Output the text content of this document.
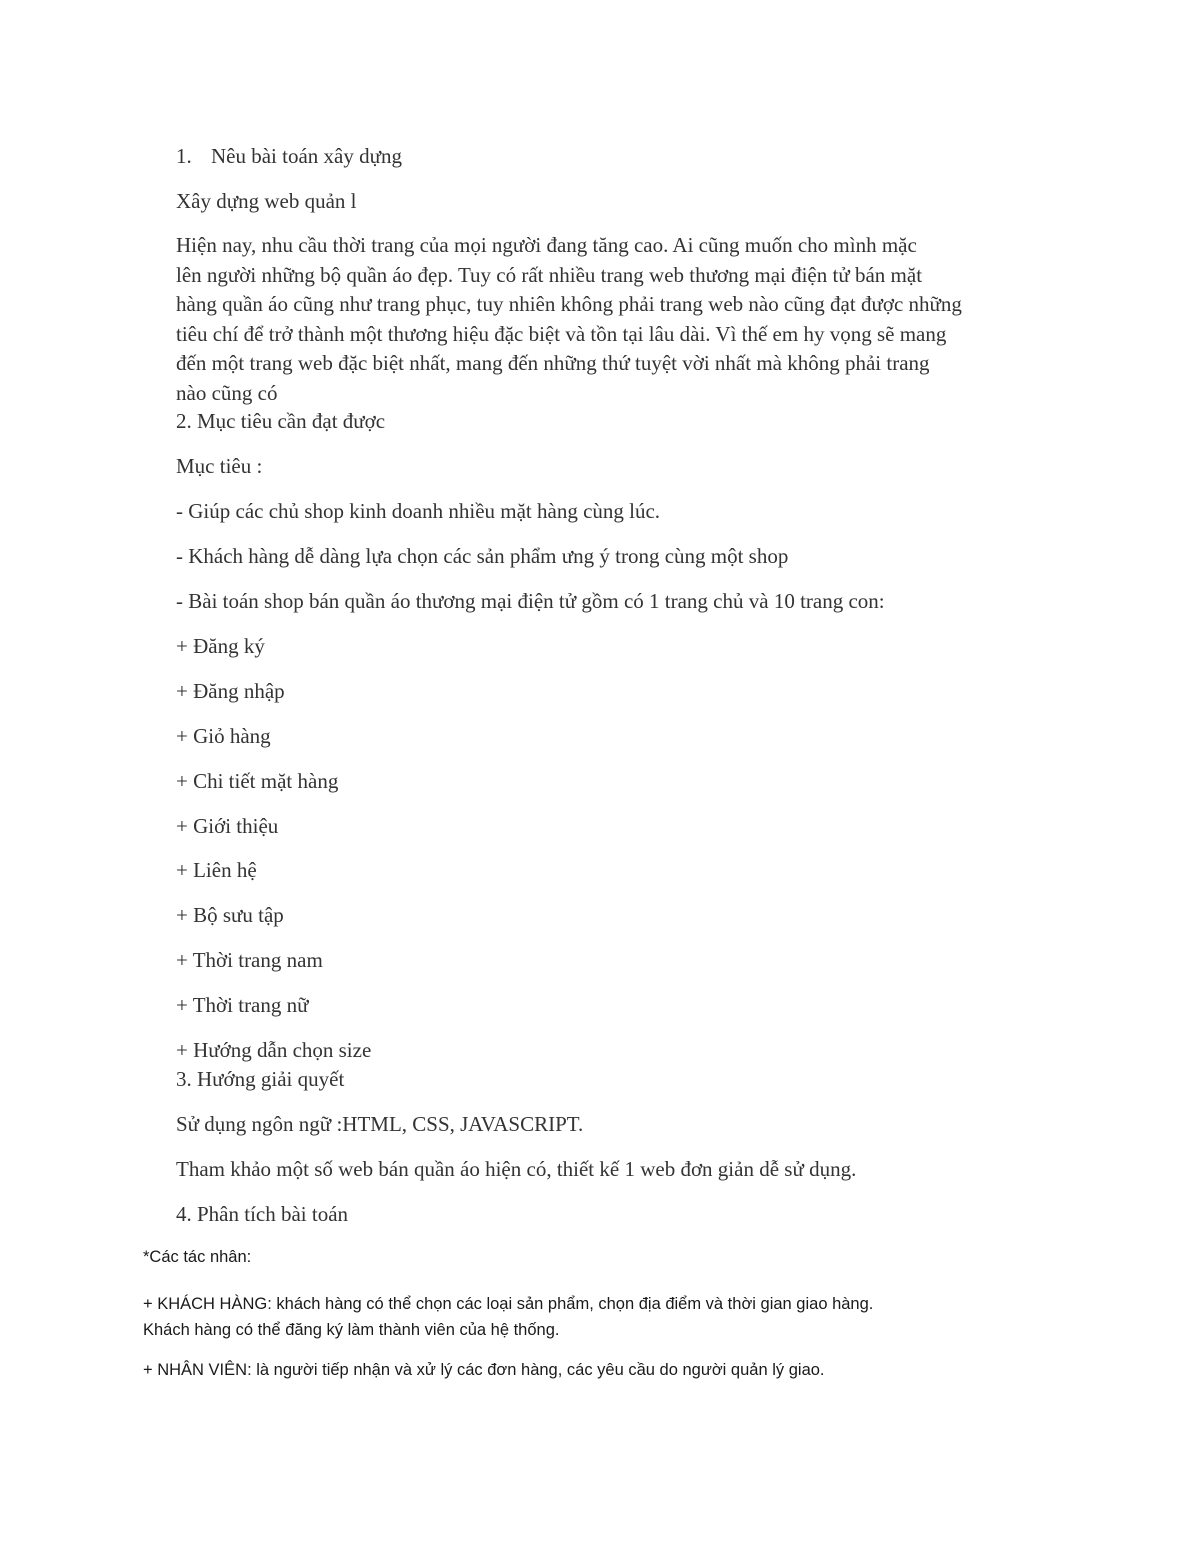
1. Nêu bài toán xây dựng
Xây dựng web quản l
Hiện nay, nhu cầu thời trang của mọi người đang tăng cao. Ai cũng muốn cho mình mặc
lên người những bộ quần áo đẹp. Tuy có rất nhiều trang web thương mại điện tử bán mặt
hàng quần áo cũng như trang phục, tuy nhiên không phải trang web nào cũng đạt được những
tiêu chí để trở thành một thương hiệu đặc biệt và tồn tại lâu dài. Vì thế em hy vọng sẽ mang
đến một trang web đặc biệt nhất, mang đến những thứ tuyệt vời nhất mà không phải trang
nào cũng có
2. Mục tiêu cần đạt được
Mục tiêu :
- Giúp các chủ shop kinh doanh nhiều mặt hàng cùng lúc.
- Khách hàng dễ dàng lựa chọn các sản phẩm ưng ý trong cùng một shop
- Bài toán shop bán quần áo thương mại điện tử gồm có 1 trang chủ và 10 trang con:
+ Đăng ký
+ Đăng nhập
+ Giỏ hàng
+ Chi tiết mặt hàng
+ Giới thiệu
+ Liên hệ
+ Bộ sưu tập
+ Thời trang nam
+ Thời trang nữ
+ Hướng dẫn chọn size
3. Hướng giải quyết
Sử dụng ngôn ngữ :HTML, CSS, JAVASCRIPT.
Tham khảo một số web bán quần áo hiện có, thiết kế 1 web đơn giản dễ sử dụng.
4. Phân tích bài toán
*Các tác nhân:
+ KHÁCH HÀNG: khách hàng có thể chọn các loại sản phẩm, chọn địa điểm và thời gian giao hàng.
Khách hàng có thể đăng ký làm thành viên của hệ thống.
+ NHÂN VIÊN: là người tiếp nhận và xử lý các đơn hàng, các yêu cầu do người quản lý giao.
